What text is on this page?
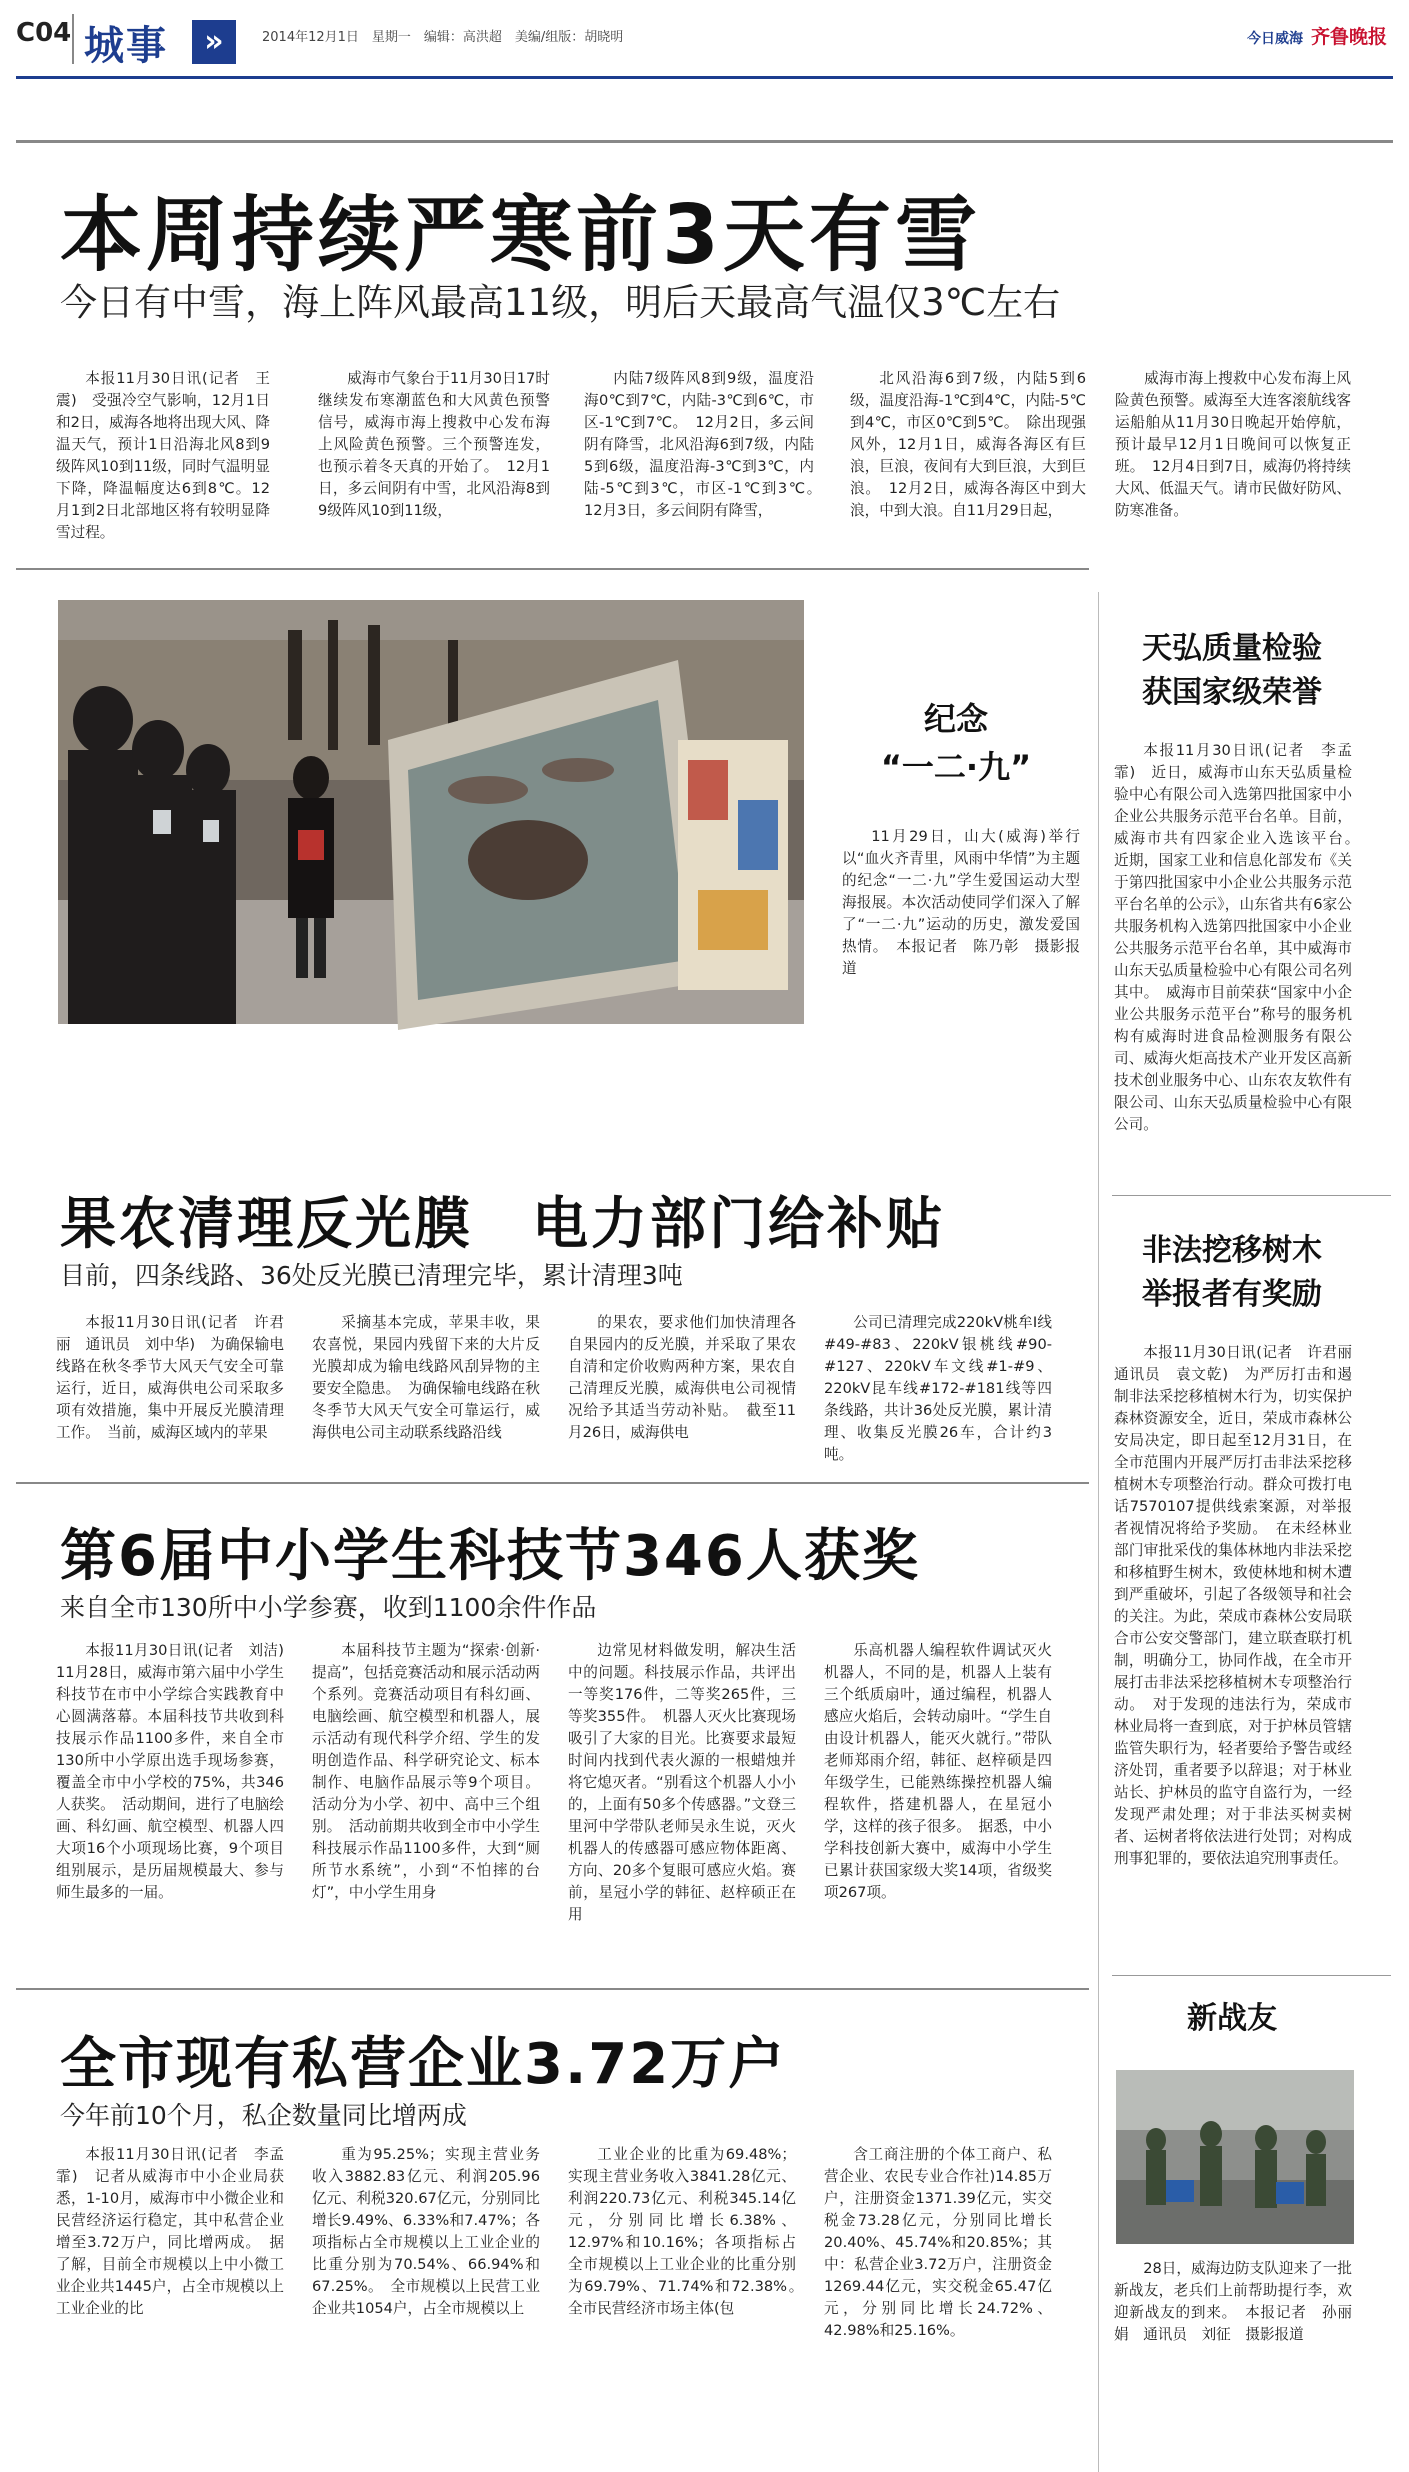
C04 城事	»	2014年12月1日　星期一　编辑：高洪超　美编/组版：胡晓明	今日威海 齐鲁晚报
本周持续严寒前3天有雪
今日有中雪，海上阵风最高11级，明后天最高气温仅3℃左右

本报11月30日讯(记者　王震)　受强冷空气影响，12月1日和2日，威海各地将出现大风、降温天气，预计1日沿海北风8到9级阵风10到11级，同时气温明显下降，降温幅度达6到8℃。12月1到2日北部地区将有较明显降雪过程。

威海市气象台于11月30日17时继续发布寒潮蓝色和大风黄色预警信号，威海市海上搜救中心发布海上风险黄色预警。三个预警连发，也预示着冬天真的开始了。　12月1日，多云间阴有中雪，北风沿海8到9级阵风10到11级，

内陆7级阵风8到9级，温度沿海0℃到7℃，内陆-3℃到6℃，市区-1℃到7℃。　12月2日，多云间阴有降雪，北风沿海6到7级，内陆5到6级，温度沿海-3℃到3℃，内陆-5℃到3℃，市区-1℃到3℃。　12月3日，多云间阴有降雪，

北风沿海6到7级，内陆5到6级，温度沿海-1℃到4℃，内陆-5℃到4℃，市区0℃到5℃。　除出现强风外，12月1日，威海各海区有巨浪，巨浪，夜间有大到巨浪，大到巨浪。　12月2日，威海各海区中到大浪，中到大浪。自11月29日起，

威海市海上搜救中心发布海上风险黄色预警。威海至大连客滚航线客运船舶从11月30日晚起开始停航，预计最早12月1日晚间可以恢复正班。　12月4日到7日，威海仍将持续大风、低温天气。请市民做好防风、防寒准备。

纪念
“一二·九”

11月29日，山大(威海)举行以“血火齐青里，风雨中华情”为主题的纪念“一二·九”学生爱国运动大型海报展。本次活动使同学们深入了解了“一二·九”运动的历史，激发爱国热情。　本报记者　陈乃彰　摄影报道

天弘质量检验
获国家级荣誉

本报11月30日讯(记者　李孟霏)　近日，威海市山东天弘质量检验中心有限公司入选第四批国家中小企业公共服务示范平台名单。目前，威海市共有四家企业入选该平台。　近期，国家工业和信息化部发布《关于第四批国家中小企业公共服务示范平台名单的公示》，山东省共有6家公共服务机构入选第四批国家中小企业公共服务示范平台名单，其中威海市山东天弘质量检验中心有限公司名列其中。　威海市目前荣获“国家中小企业公共服务示范平台”称号的服务机构有威海时进食品检测服务有限公司、威海火炬高技术产业开发区高新技术创业服务中心、山东农友软件有限公司、山东天弘质量检验中心有限公司。

果农清理反光膜　电力部门给补贴
目前，四条线路、36处反光膜已清理完毕，累计清理3吨

本报11月30日讯(记者　许君丽　通讯员　刘中华)　为确保输电线路在秋冬季节大风天气安全可靠运行，近日，威海供电公司采取多项有效措施，集中开展反光膜清理工作。　当前，威海区域内的苹果

采摘基本完成，苹果丰收，果农喜悦，果园内残留下来的大片反光膜却成为输电线路风刮异物的主要安全隐患。　为确保输电线路在秋冬季节大风天气安全可靠运行，威海供电公司主动联系线路沿线

的果农，要求他们加快清理各自果园内的反光膜，并采取了果农自清和定价收购两种方案，果农自己清理反光膜，威海供电公司视情况给予其适当劳动补贴。　截至11月26日，威海供电

公司已清理完成220kV桃牟Ⅰ线#49-#83、220kV银桃线#90-#127、220kV车文线#1-#9、220kV昆车线#172-#181线等四条线路，共计36处反光膜，累计清理、收集反光膜26车，合计约3吨。

非法挖移树木
举报者有奖励

本报11月30日讯(记者　许君丽　通讯员　袁文乾)　为严厉打击和遏制非法采挖移植树木行为，切实保护森林资源安全，近日，荣成市森林公安局决定，即日起至12月31日，在全市范围内开展严厉打击非法采挖移植树木专项整治行动。群众可拨打电话7570107提供线索案源，对举报者视情况将给予奖励。　在未经林业部门审批采伐的集体林地内非法采挖和移植野生树木，致使林地和树木遭到严重破坏，引起了各级领导和社会的关注。为此，荣成市森林公安局联合市公安交警部门，建立联查联打机制，明确分工，协同作战，在全市开展打击非法采挖移植树木专项整治行动。　对于发现的违法行为，荣成市林业局将一查到底，对于护林员管辖监管失职行为，轻者要给予警告或经济处罚，重者要予以辞退；对于林业站长、护林员的监守自盗行为，一经发现严肃处理；对于非法买树卖树者、运树者将依法进行处罚；对构成刑事犯罪的，要依法追究刑事责任。

第6届中小学生科技节346人获奖
来自全市130所中小学参赛，收到1100余件作品

本报11月30日讯(记者　刘洁)　11月28日，威海市第六届中小学生科技节在市中小学综合实践教育中心圆满落幕。本届科技节共收到科技展示作品1100多件，来自全市130所中小学原出选手现场参赛，覆盖全市中小学校的75%，共346人获奖。　活动期间，进行了电脑绘画、科幻画、航空模型、机器人四大项16个小项现场比赛，9个项目组别展示，是历届规模最大、参与师生最多的一届。

本届科技节主题为“探索·创新·提高”，包括竞赛活动和展示活动两个系列。竞赛活动项目有科幻画、电脑绘画、航空模型和机器人，展示活动有现代科学介绍、学生的发明创造作品、科学研究论文、标本制作、电脑作品展示等9个项目。活动分为小学、初中、高中三个组别。　活动前期共收到全市中小学生科技展示作品1100多件，大到“厕所节水系统”，小到“不怕摔的台灯”，中小学生用身

边常见材料做发明，解决生活中的问题。科技展示作品，共评出一等奖176件，二等奖265件，三等奖355件。　机器人灭火比赛现场吸引了大家的目光。比赛要求最短时间内找到代表火源的一根蜡烛并将它熄灭者。“别看这个机器人小小的，上面有50多个传感器。”文登三里河中学带队老师吴永生说，灭火机器人的传感器可感应物体距离、方向、20多个复眼可感应火焰。赛前，星冠小学的韩征、赵梓硕正在用

乐高机器人编程软件调试灭火机器人，不同的是，机器人上装有三个纸质扇叶，通过编程，机器人感应火焰后，会转动扇叶。“学生自由设计机器人，能灭火就行。”带队老师郑雨介绍，韩征、赵梓硕是四年级学生，已能熟练操控机器人编程软件，搭建机器人，在星冠小学，这样的孩子很多。　据悉，中小学科技创新大赛中，威海中小学生已累计获国家级大奖14项，省级奖项267项。

新战友

28日，威海边防支队迎来了一批新战友，老兵们上前帮助提行李，欢迎新战友的到来。　本报记者　孙丽娟　通讯员　刘征　摄影报道

全市现有私营企业3.72万户
今年前10个月，私企数量同比增两成

本报11月30日讯(记者　李孟霏)　记者从威海市中小企业局获悉，1-10月，威海市中小微企业和民营经济运行稳定，其中私营企业增至3.72万户，同比增两成。　据了解，目前全市规模以上中小微工业企业共1445户，占全市规模以上工业企业的比

重为95.25%；实现主营业务收入3882.83亿元、利润205.96亿元、利税320.67亿元，分别同比增长9.49%、6.33%和7.47%；各项指标占全市规模以上工业企业的比重分别为70.54%、66.94%和67.25%。　全市规模以上民营工业企业共1054户，占全市规模以上

工业企业的比重为69.48%；实现主营业务收入3841.28亿元、利润220.73亿元、利税345.14亿元，分别同比增长6.38%、12.97%和10.16%；各项指标占全市规模以上工业企业的比重分别为69.79%、71.74%和72.38%。　全市民营经济市场主体(包

含工商注册的个体工商户、私营企业、农民专业合作社)14.85万户，注册资金1371.39亿元，实交税金73.28亿元，分别同比增长20.40%、45.74%和20.85%；其中：私营企业3.72万户，注册资金1269.44亿元，实交税金65.47亿元，分别同比增长24.72%、42.98%和25.16%。
